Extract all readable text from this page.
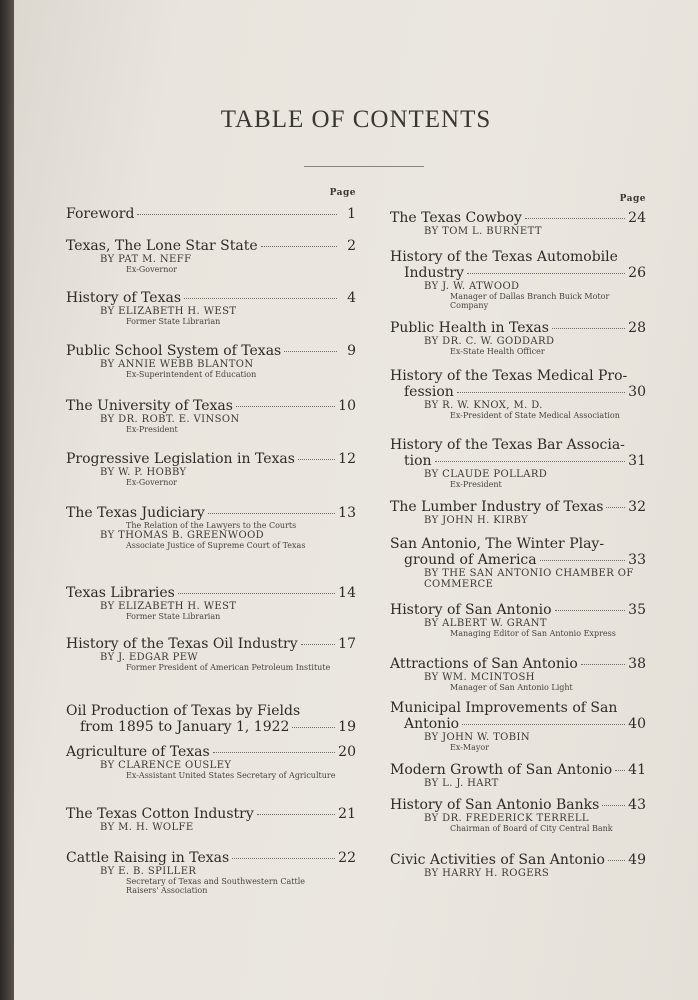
TABLE OF CONTENTS
Page
Foreword	1
Texas, The Lone Star State	2
BY PAT M. NEFF
Ex-Governor
History of Texas	4
BY ELIZABETH H. WEST
Former State Librarian
Public School System of Texas	9
BY ANNIE WEBB BLANTON
Ex-Superintendent of Education
The University of Texas	10
BY DR. ROBT. E. VINSON
Ex-President
Progressive Legislation in Texas	12
BY W. P. HOBBY
Ex-Governor
The Texas Judiciary	13
The Relation of the Lawyers to the Courts
BY THOMAS B. GREENWOOD
Associate Justice of Supreme Court of Texas
Texas Libraries	14
BY ELIZABETH H. WEST
Former State Librarian
History of the Texas Oil Industry	17
BY J. EDGAR PEW
Former President of American Petroleum Institute
Oil Production of Texas by Fields
from 1895 to January 1, 1922	19
Agriculture of Texas	20
BY CLARENCE OUSLEY
Ex-Assistant United States Secretary of Agriculture
The Texas Cotton Industry	21
BY M. H. WOLFE
Cattle Raising in Texas	22
BY E. B. SPILLER
Secretary of Texas and Southwestern Cattle Raisers' Association
Page
The Texas Cowboy	24
BY TOM L. BURNETT
History of the Texas Automobile
Industry	26
BY J. W. ATWOOD
Manager of Dallas Branch Buick Motor Company
Public Health in Texas	28
BY DR. C. W. GODDARD
Ex-State Health Officer
History of the Texas Medical Pro-
fession	30
BY R. W. KNOX, M. D.
Ex-President of State Medical Association
History of the Texas Bar Associa-
tion	31
BY CLAUDE POLLARD
Ex-President
The Lumber Industry of Texas 32
BY JOHN H. KIRBY
San Antonio, The Winter Play-
ground of America	33
BY THE SAN ANTONIO CHAMBER OF COMMERCE
History of San Antonio	35
BY ALBERT W. GRANT
Managing Editor of San Antonio Express
Attractions of San Antonio	38
BY WM. MCINTOSH
Manager of San Antonio Light
Municipal Improvements of San
Antonio	40
BY JOHN W. TOBIN
Ex-Mayor
Modern Growth of San Antonio 41
BY L. J. HART
History of San Antonio Banks 43
BY DR. FREDERICK TERRELL
Chairman of Board of City Central Bank
Civic Activities of San Antonio 49
BY HARRY H. ROGERS
